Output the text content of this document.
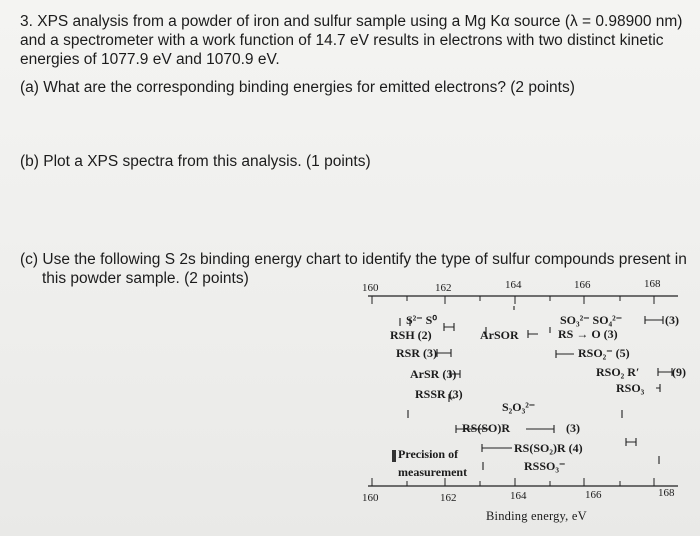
3. XPS analysis from a powder of iron and sulfur sample using a Mg Kα source (λ = 0.98900 nm) and a spectrometer with a work function of 14.7 eV results in electrons with two distinct kinetic energies of 1077.9 eV and 1070.9 eV.
(a) What are the corresponding binding energies for emitted electrons? (2 points)
(b) Plot a XPS spectra from this analysis. (1 points)
(c) Use the following S 2s binding energy chart to identify the type of sulfur compounds present in
this powder sample. (2 points)
160	162	164	166	168
160	162	164	166	168
S²⁻ S⁰
RSH (2)	ArSOR
SO₃²⁻ SO₄²⁻	(3)
RS → O (3)
RSR (3)	RSO₂⁻ (5)
ArSR (3)	RSO₂ R′	(9)
RSSR (3)	RSO₃
S₂O₃²⁻
RS(SO)R	(3)
RS(SO₂)R (4)
Precision of
measurement	RSSO₃⁻
Binding energy, eV
